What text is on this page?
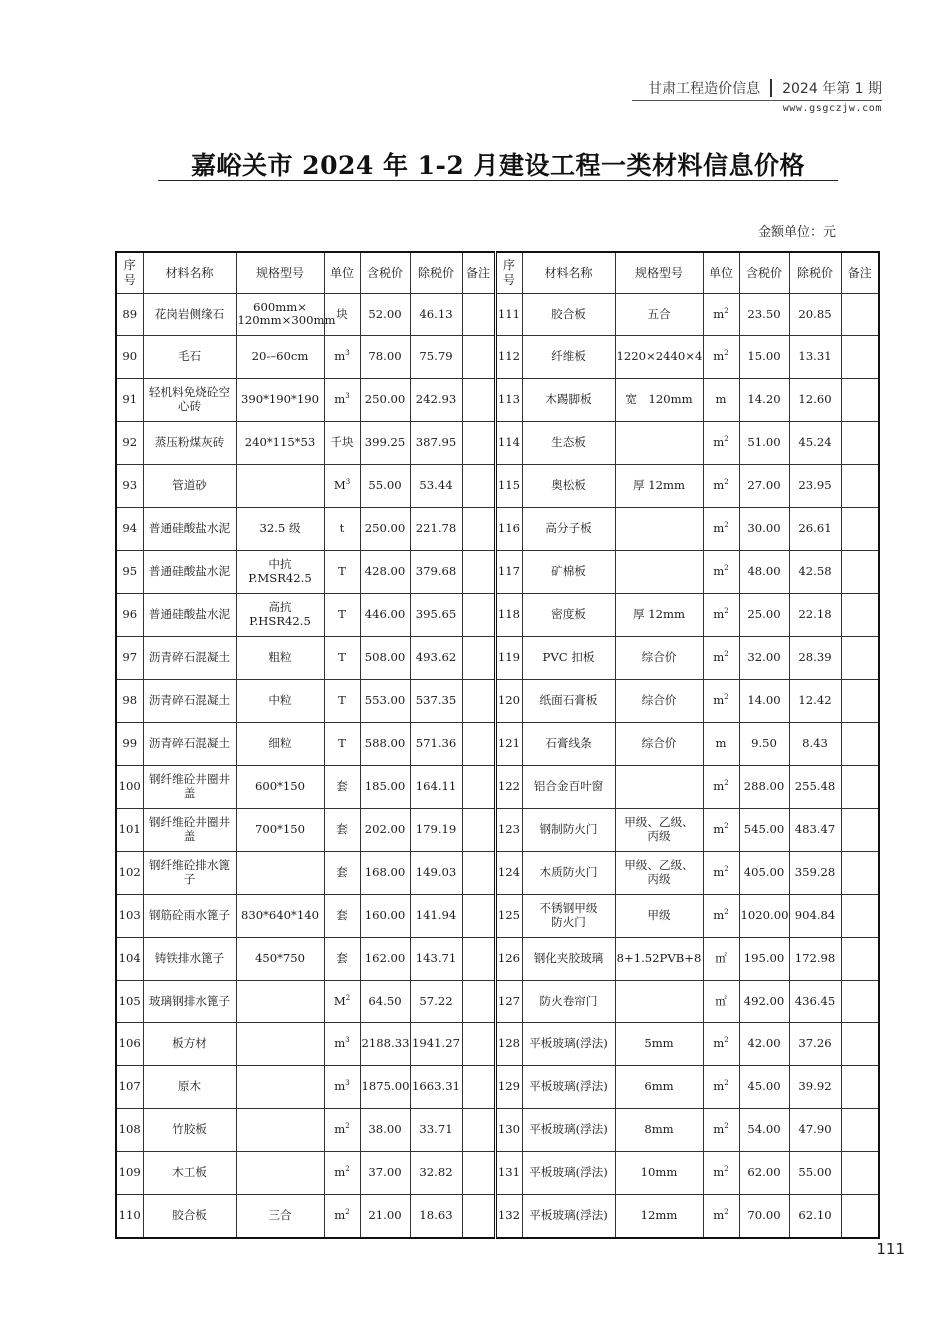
甘肃工程造价信息	2024 年第 1 期
www.gsgczjw.com
嘉峪关市 2024 年 1-2 月建设工程一类材料信息价格
金额单位：元
序号	材料名称	规格型号	单位	含税价	除税价	备注	序号	材料名称	规格型号	单位	含税价	除税价	备注
89	花岗岩侧缘石	600mm×
120mm×300mm	块	52.00	46.13		111	胶合板	五合	$m^2$	23.50	20.85	
90	毛石	20-–60cm	$m^3$	78.00	75.79		112	纤维板	1220×2440×4	$m^2$	15.00	13.31	
91	轻机料免烧砼空
心砖	390*190*190	$m^3$	250.00	242.93		113	木踢脚板	宽　120mm	m	14.20	12.60	
92	蒸压粉煤灰砖	240*115*53	千块	399.25	387.95		114	生态板		$m^2$	51.00	45.24	
93	管道砂		$M^3$	55.00	53.44		115	奥松板	厚 12mm	$m^2$	27.00	23.95	
94	普通硅酸盐水泥	32.5 级	t	250.00	221.78		116	高分子板		$m^2$	30.00	26.61	
95	普通硅酸盐水泥	中抗 P.MSR42.5	T	428.00	379.68		117	矿棉板		$m^2$	48.00	42.58	
96	普通硅酸盐水泥	高抗 P.HSR42.5	T	446.00	395.65		118	密度板	厚 12mm	$m^2$	25.00	22.18	
97	沥青碎石混凝土	粗粒	T	508.00	493.62		119	PVC 扣板	综合价	$m^2$	32.00	28.39	
98	沥青碎石混凝土	中粒	T	553.00	537.35		120	纸面石膏板	综合价	$m^2$	14.00	12.42	
99	沥青碎石混凝土	细粒	T	588.00	571.36		121	石膏线条	综合价	m	9.50	8.43	
100	钢纤维砼井圈井
盖	600*150	套	185.00	164.11		122	铝合金百叶窗		$m^2$	288.00	255.48	
101	钢纤维砼井圈井
盖	700*150	套	202.00	179.19		123	钢制防火门	甲级、乙级、
丙级	$m^2$	545.00	483.47	
102	钢纤维砼排水篦
子		套	168.00	149.03		124	木质防火门	甲级、乙级、
丙级	$m^2$	405.00	359.28	
103	钢筋砼雨水篦子	830*640*140	套	160.00	141.94		125	不锈钢甲级
防火门	甲级	$m^2$	1020.00	904.84	
104	铸铁排水篦子	450*750	套	162.00	143.71		126	钢化夹胶玻璃	8+1.52PVB+8	㎡	195.00	172.98	
105	玻璃钢排水篦子		$M^2$	64.50	57.22		127	防火卷帘门		㎡	492.00	436.45	
106	板方材		$m^3$	2188.33	1941.27		128	平板玻璃(浮法)	5mm	$m^2$	42.00	37.26	
107	原木		$m^3$	1875.00	1663.31		129	平板玻璃(浮法)	6mm	$m^2$	45.00	39.92	
108	竹胶板		$m^2$	38.00	33.71		130	平板玻璃(浮法)	8mm	$m^2$	54.00	47.90	
109	木工板		$m^2$	37.00	32.82		131	平板玻璃(浮法)	10mm	$m^2$	62.00	55.00	
110	胶合板	三合	$m^2$	21.00	18.63		132	平板玻璃(浮法)	12mm	$m^2$	70.00	62.10	
111
